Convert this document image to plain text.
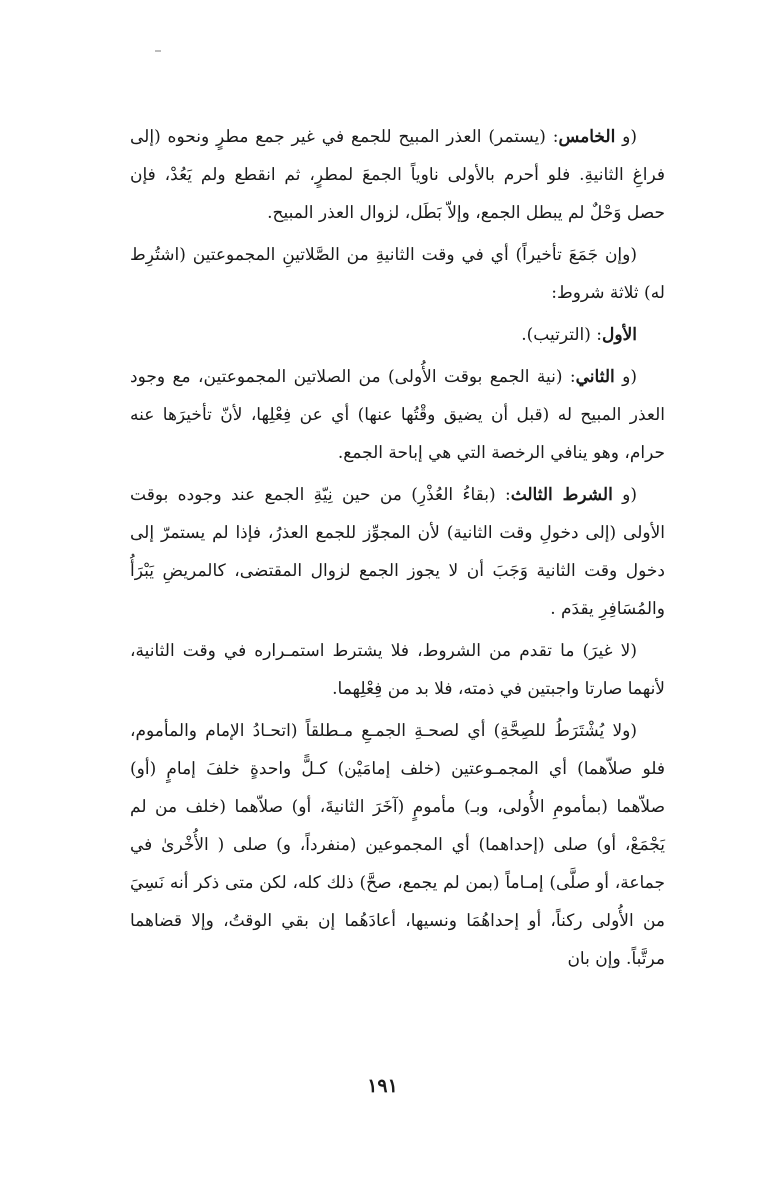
(و الخامس: (يستمر) العذر المبيح للجمع في غير جمع مطرٍ ونحوه (إلى فراغِ الثانيةِ. فلو أحرم بالأولى ناوياً الجمعَ لمطرٍ، ثم انقطع ولم يَعُدْ، فإن حصل وَحْلٌ لم يبطل الجمع، وإلاّ بَطَل، لزوال العذر المبيح.

(وإن جَمَعَ تأخيراً) أي في وقت الثانيةِ من الصَّلاتينِ المجموعتين (اشتُرِط له) ثلاثة شروط:

الأول: (الترتيب).

(و الثاني: (نية الجمع بوقت الأُولى) من الصلاتين المجموعتين، مع وجود العذر المبيح له (قبل أن يضيق وقْتُها عنها) أي عن فِعْلِها، لأنّ تأخيرَها عنه حرام، وهو ينافي الرخصة التي هي إباحة الجمع.

(و الشرط الثالث: (بقاءُ العُذْرِ) من حين نِيّةِ الجمع عند وجوده بوقت الأولى (إلى دخولِ وقت الثانية) لأن المجوِّز للجمع العذرُ، فإذا لم يستمرّ إلى دخول وقت الثانية وَجَبَ أن لا يجوز الجمع لزوال المقتضى، كالمريضِ يَبْرَأُ والمُسَافِرِ يقدَم .

(لا غيرَ) ما تقدم من الشروط، فلا يشترط استمـراره في وقت الثانية، لأنهما صارتا واجبتين في ذمته، فلا بد من فِعْلِهما.

(ولا يُشْتَرَطُ للصِحَّةِ) أي لصحـةِ الجمـعِ مـطلقاً (اتحـادُ الإمام والمأموم، فلو صلاّهما) أي المجمـوعتين (خلف إمامَيْن) كـلًّ واحدةٍ خلفَ إمامٍ (أو) صلاّهما (بمأمومِ الأُولى، وبـ) مأمومٍ (آخَرَ الثانيةَ، أو) صلاّهما (خلف من لم يَجْمَعْ، أو) صلى (إحداهما) أي المجموعين (منفرداً، و) صلى ( الأُخْرىٰ في جماعة، أو صلَّى) إمـاماً (بمن لم يجمع، صحَّ) ذلك كله، لكن متى ذكر أنه نَسِيَ من الأُولى ركناً، أو إحداهُمَا ونسيها، أعادَهُما إن بقي الوقتُ، وإلا قضاهما مرتَّباً. وإن بان

١٩١
